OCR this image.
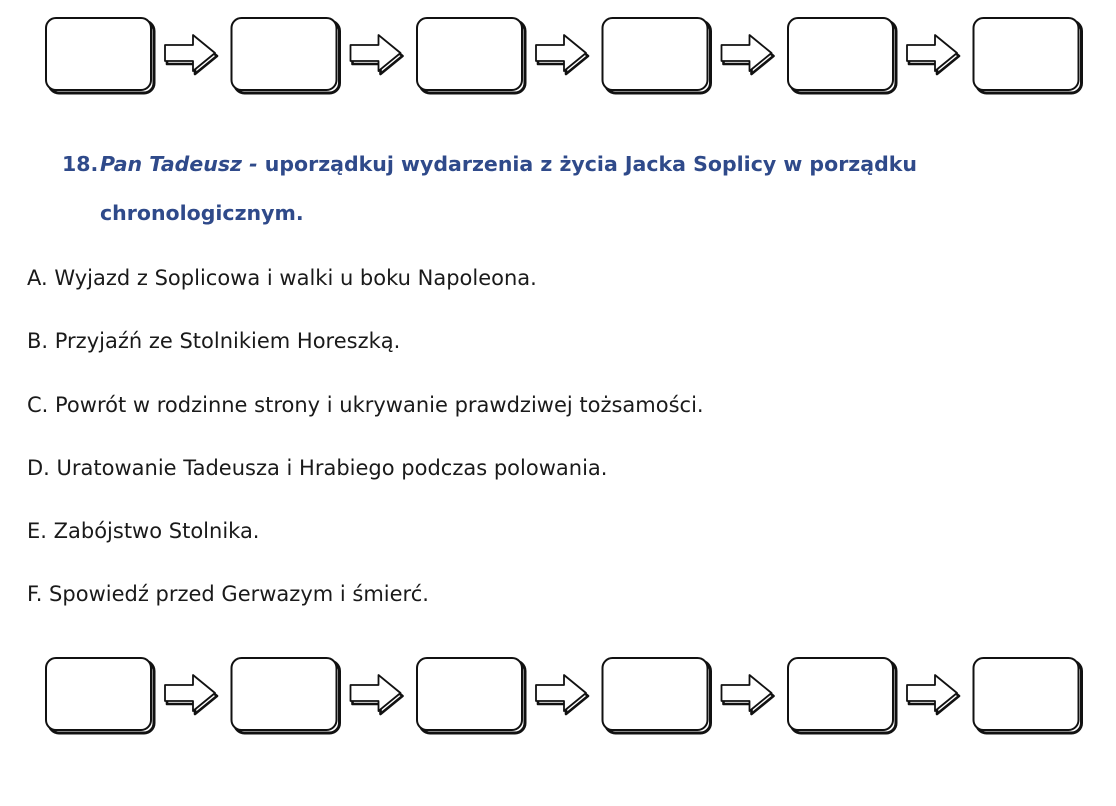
18.Pan Tadeusz - uporządkuj wydarzenia z życia Jacka Soplicy w porządku
chronologicznym.
A. Wyjazd z Soplicowa i walki u boku Napoleona.
B. Przyjaźń ze Stolnikiem Horeszką.
C. Powrót w rodzinne strony i ukrywanie prawdziwej tożsamości.
D. Uratowanie Tadeusza i Hrabiego podczas polowania.
E. Zabójstwo Stolnika.
F. Spowiedź przed Gerwazym i śmierć.
